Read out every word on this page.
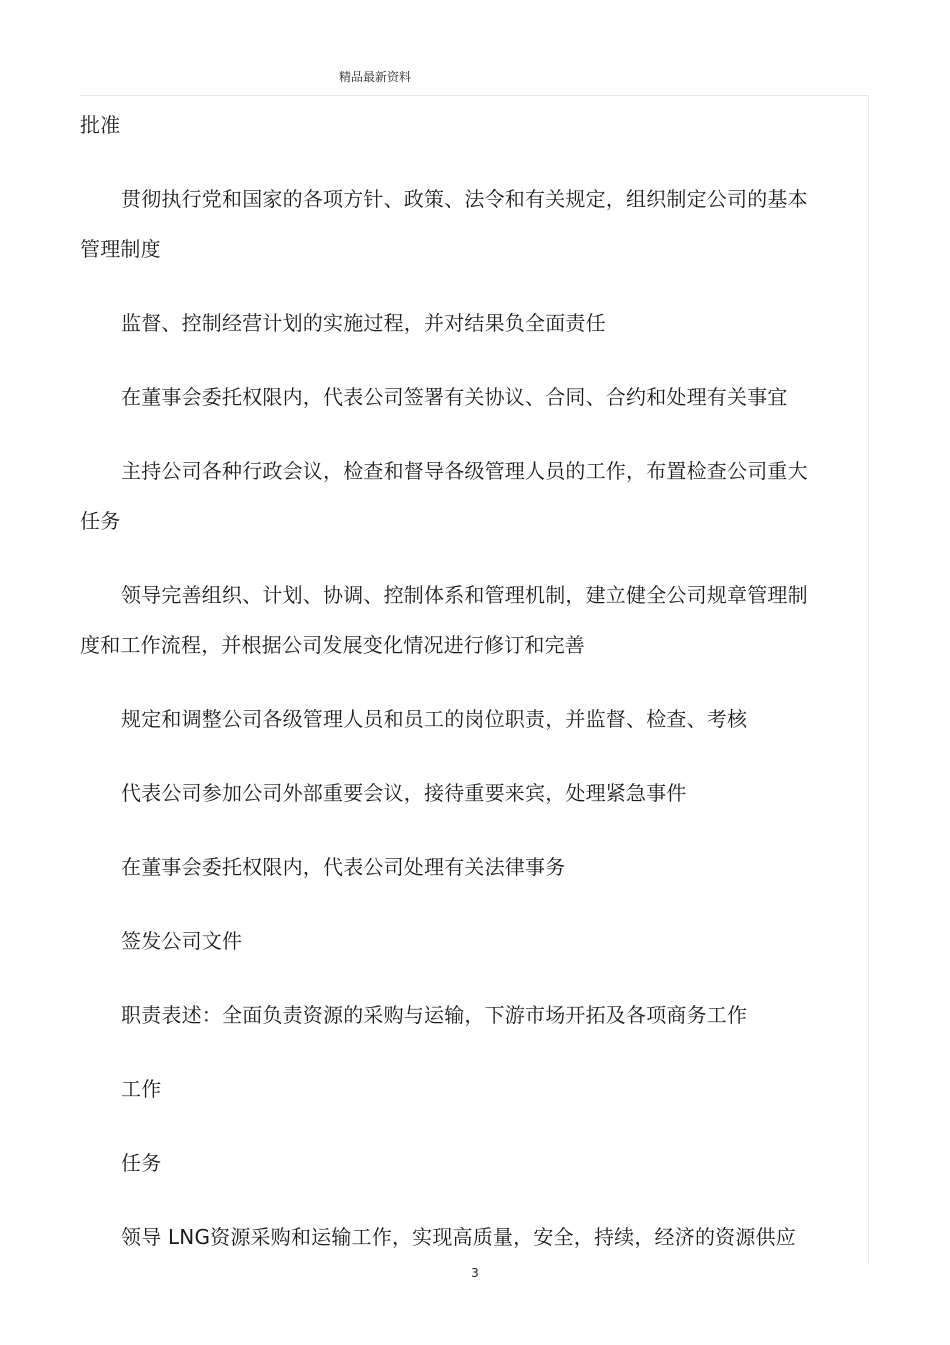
精品最新资料

批准

贯彻执行党和国家的各项方针、政策、法令和有关规定，组织制定公司的基本管理制度

监督、控制经营计划的实施过程，并对结果负全面责任

在董事会委托权限内，代表公司签署有关协议、合同、合约和处理有关事宜

主持公司各种行政会议，检查和督导各级管理人员的工作，布置检查公司重大任务

领导完善组织、计划、协调、控制体系和管理机制，建立健全公司规章管理制度和工作流程，并根据公司发展变化情况进行修订和完善

规定和调整公司各级管理人员和员工的岗位职责，并监督、检查、考核

代表公司参加公司外部重要会议，接待重要来宾，处理紧急事件

在董事会委托权限内，代表公司处理有关法律事务

签发公司文件

职责表述：全面负责资源的采购与运输，下游市场开拓及各项商务工作

工作

任务

领导 LNG资源采购和运输工作，实现高质量，安全，持续，经济的资源供应

3
